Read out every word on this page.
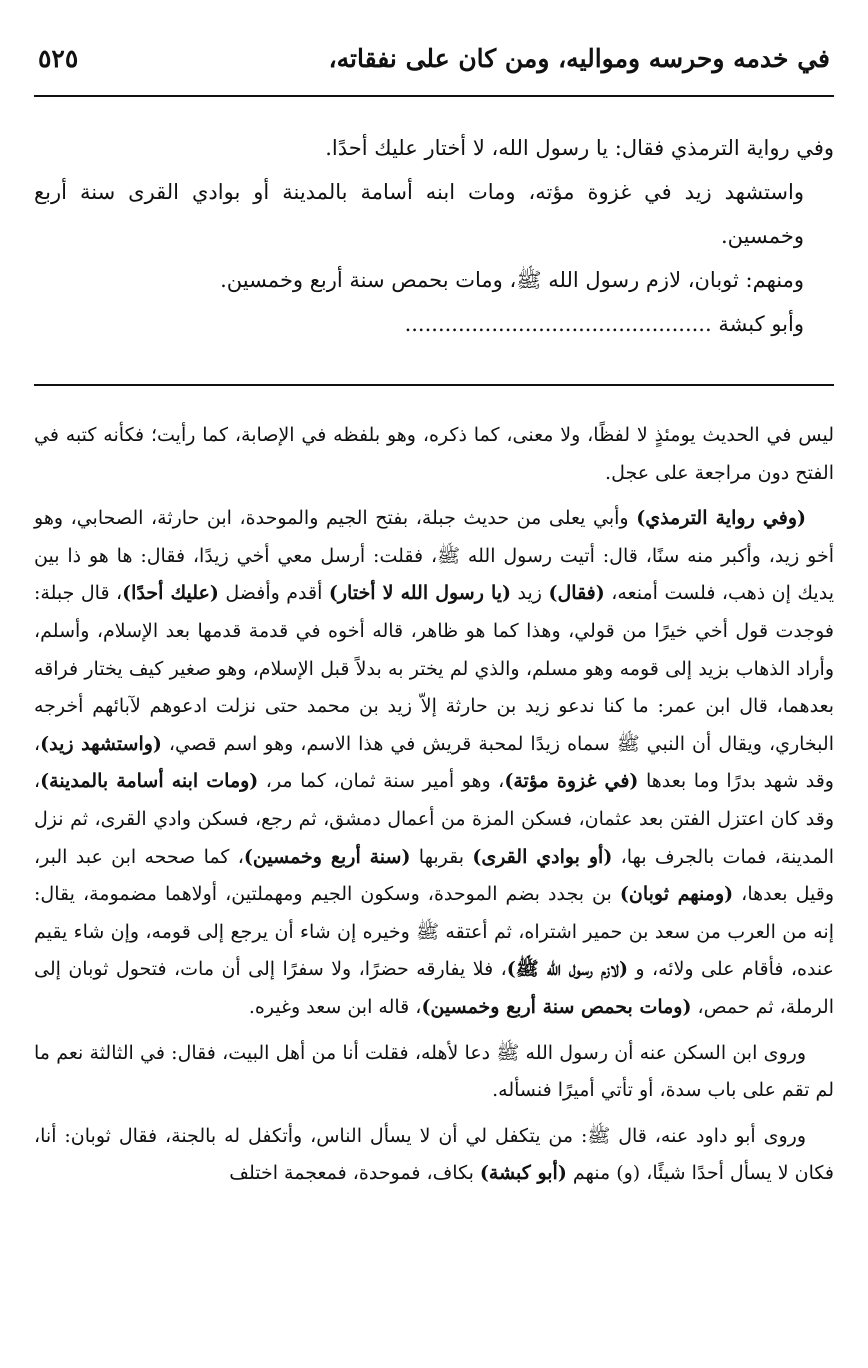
في خدمه وحرسه ومواليه، ومن كان على نفقاته،
٥٢٥

وفي رواية الترمذي فقال: يا رسول الله، لا أختار عليك أحدًا.

واستشهد زيد في غزوة مؤته، ومات ابنه أسامة بالمدينة أو بوادي القرى سنة أربع وخمسين.

ومنهم: ثوبان، لازم رسول الله ﷺ، ومات بحمص سنة أربع وخمسين.

وأبو كبشة ..............................................

ليس في الحديث يومئذٍ لا لفظًا، ولا معنى، كما ذكره، وهو بلفظه في الإصابة، كما رأيت؛ فكأنه كتبه في الفتح دون مراجعة على عجل.

(وفي رواية الترمذي) وأبي يعلى من حديث جبلة، بفتح الجيم والموحدة، ابن حارثة، الصحابي، وهو أخو زيد، وأكبر منه سنًا، قال: أتيت رسول الله ﷺ، فقلت: أرسل معي أخي زيدًا، فقال: ها هو ذا بين يديك إن ذهب، فلست أمنعه، (فقال) زيد (يا رسول الله لا أختار) أقدم وأفضل (عليك أحدًا)، قال جبلة: فوجدت قول أخي خيرًا من قولي، وهذا كما هو ظاهر، قاله أخوه في قدمة قدمها بعد الإسلام، وأسلم، وأراد الذهاب بزيد إلى قومه وهو مسلم، والذي لم يختر به بدلاً قبل الإسلام، وهو صغير كيف يختار فراقه بعدهما، قال ابن عمر: ما كنا ندعو زيد بن حارثة إلاّ زيد بن محمد حتى نزلت ادعوهم لآبائهم أخرجه البخاري، ويقال أن النبي ﷺ سماه زيدًا لمحبة قريش في هذا الاسم، وهو اسم قصي، (واستشهد زيد)، وقد شهد بدرًا وما بعدها (في غزوة مؤتة)، وهو أمير سنة ثمان، كما مر، (ومات ابنه أسامة بالمدينة)، وقد كان اعتزل الفتن بعد عثمان، فسكن المزة من أعمال دمشق، ثم رجع، فسكن وادي القرى، ثم نزل المدينة، فمات بالجرف بها، (أو بوادي القرى) بقربها (سنة أربع وخمسين)، كما صححه ابن عبد البر، وقيل بعدها، (ومنهم ثوبان) بن بجدد بضم الموحدة، وسكون الجيم ومهملتين، أولاهما مضمومة، يقال: إنه من العرب من سعد بن حمير اشتراه، ثم أعتقه ﷺ وخيره إن شاء أن يرجع إلى قومه، وإن شاء يقيم عنده، فأقام على ولائه، و (لازم رسول الله ﷺ)، فلا يفارقه حضرًا، ولا سفرًا إلى أن مات، فتحول ثوبان إلى الرملة، ثم حمص، (ومات بحمص سنة أربع وخمسين)، قاله ابن سعد وغيره.

وروى ابن السكن عنه أن رسول الله ﷺ دعا لأهله، فقلت أنا من أهل البيت، فقال: في الثالثة نعم ما لم تقم على باب سدة، أو تأتي أميرًا فنسأله.

وروى أبو داود عنه، قال ﷺ: من يتكفل لي أن لا يسأل الناس، وأتكفل له بالجنة، فقال ثوبان: أنا، فكان لا يسأل أحدًا شيئًا، (و) منهم (أبو كبشة) بكاف، فموحدة، فمعجمة اختلف
